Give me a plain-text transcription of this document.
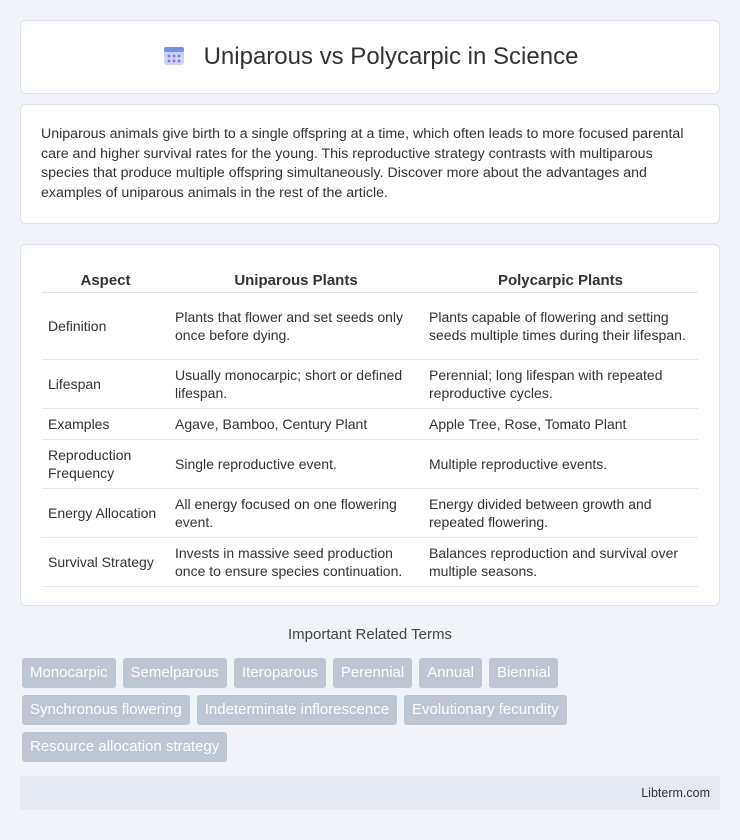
Uniparous vs Polycarpic in Science

Uniparous animals give birth to a single offspring at a time, which often leads to more focused parental care and higher survival rates for the young. This reproductive strategy contrasts with multiparous species that produce multiple offspring simultaneously. Discover more about the advantages and examples of uniparous animals in the rest of the article.

Aspect	Uniparous Plants	Polycarpic Plants
Definition	Plants that flower and set seeds only once before dying.	Plants capable of flowering and setting seeds multiple times during their lifespan.
Lifespan	Usually monocarpic; short or defined lifespan.	Perennial; long lifespan with repeated reproductive cycles.
Examples	Agave, Bamboo, Century Plant	Apple Tree, Rose, Tomato Plant
Reproduction Frequency	Single reproductive event.	Multiple reproductive events.
Energy Allocation	All energy focused on one flowering event.	Energy divided between growth and repeated flowering.
Survival Strategy	Invests in massive seed production once to ensure species continuation.	Balances reproduction and survival over multiple seasons.
Important Related Terms
Monocarpic	Semelparous	Iteroparous	Perennial	Annual	Biennial
Synchronous flowering	Indeterminate inflorescence	Evolutionary fecundity
Resource allocation strategy
Libterm.com
